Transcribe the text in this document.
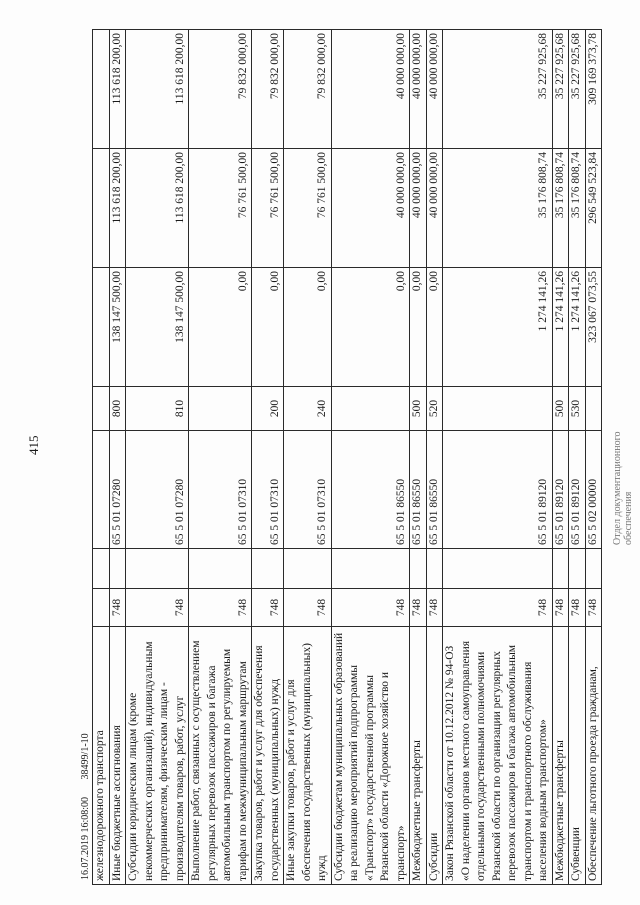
415
16.07.2019 16:08:00       38499/1-10
Отдел документационного обеспечения
железнодорожного транспорта							
Иные бюджетные ассигнования	748		65 5 01 07280	800	138 147 500,00	113 618 200,00	113 618 200,00
Субсидии юридическим лицам (кроме некоммерческих организаций), индивидуальным предпринимателям, физическим лицам - производителям товаров, работ, услуг	748		65 5 01 07280	810	138 147 500,00	113 618 200,00	113 618 200,00
Выполнение работ, связанных с осуществлением регулярных перевозок пассажиров и багажа автомобильным транспортом по регулируемым тарифам по межмуниципальным маршрутам	748		65 5 01 07310		0,00	76 761 500,00	79 832 000,00
Закупка товаров, работ и услуг для обеспечения государственных (муниципальных) нужд	748		65 5 01 07310	200	0,00	76 761 500,00	79 832 000,00
Иные закупки товаров, работ и услуг для обеспечения государственных (муниципальных) нужд	748		65 5 01 07310	240	0,00	76 761 500,00	79 832 000,00
Субсидии бюджетам муниципальных образований на реализацию мероприятий подпрограммы «Транспорт» государственной программы Рязанской области «Дорожное хозяйство и транспорт»	748		65 5 01 86550		0,00	40 000 000,00	40 000 000,00
Межбюджетные трансферты	748		65 5 01 86550	500	0,00	40 000 000,00	40 000 000,00
Субсидии	748		65 5 01 86550	520	0,00	40 000 000,00	40 000 000,00
Закон Рязанской области от 10.12.2012 № 94-ОЗ «О наделении органов местного самоуправления отдельными государственными полномочиями Рязанской области по организации регулярных перевозок пассажиров и багажа автомобильным транспортом и транспортного обслуживания населения водным транспортом»	748		65 5 01 89120		1 274 141,26	35 176 808,74	35 227 925,68
Межбюджетные трансферты	748		65 5 01 89120	500	1 274 141,26	35 176 808,74	35 227 925,68
Субвенции	748		65 5 01 89120	530	1 274 141,26	35 176 808,74	35 227 925,68
Обеспечение льготного проезда гражданам,	748		65 5 02 00000		323 067 073,55	296 549 523,84	309 169 373,78
